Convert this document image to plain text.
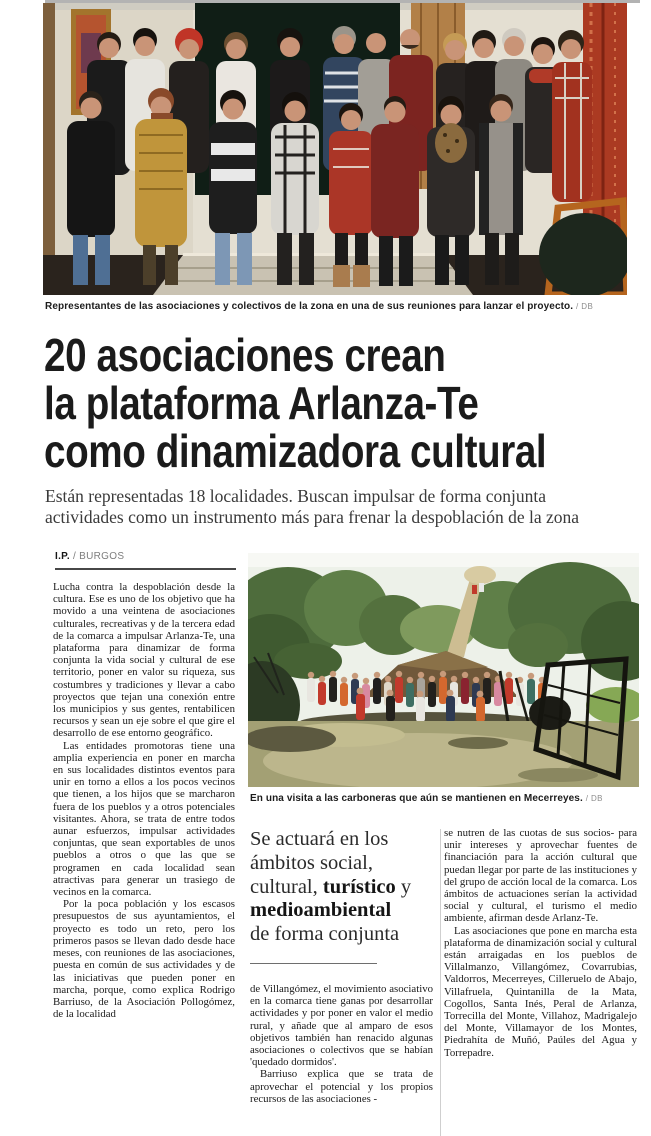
Representantes de las asociaciones y colectivos de la zona en una de sus reuniones para lanzar el proyecto. / DB
20 asociaciones crean
la plataforma Arlanza-Te
como dinamizadora cultural
Están representadas 18 localidades. Buscan impulsar de forma conjunta
actividades como un instrumento más para frenar la despoblación de la zona
I.P. / BURGOS

Lucha contra la despoblación desde la cultura. Ese es uno de los objetivo que ha movido a una veintena de asociaciones culturales, recreativas y de la tercera edad de la comarca a impulsar Arlanza-Te, una plataforma para dinamizar de forma conjunta la vida social y cultural de ese territorio, poner en valor su riqueza, sus costumbres y tradiciones y llevar a cabo proyectos que tejan una conexión entre los municipios y sus gentes, rentabilicen recursos y sean un eje sobre el que gire el desarrollo de ese entorno geográfico.

Las entidades promotoras tiene una amplia experiencia en poner en marcha en sus localidades distintos eventos para unir en torno a ellos a los pocos vecinos que tienen, a los hijos que se marcharon fuera de los pueblos y a otros potenciales visitantes. Ahora, se trata de entre todos aunar esfuerzos, impulsar actividades conjuntas, que sean exportables de unos pueblos a otros o que las que se programen en cada localidad sean atractivas para generar un trasiego de vecinos en la comarca.

Por la poca población y los escasos presupuestos de sus ayuntamientos, el proyecto es todo un reto, pero los primeros pasos se llevan dado desde hace meses, con reuniones de las asociaciones, puesta en común de sus actividades y de las iniciativas que pueden poner en marcha, porque, como explica Rodrigo Barriuso, de la Asociación Pollogómez, de la localidad

En una visita a las carboneras que aún se mantienen en Mecerreyes. / DB
Se actuará en los
ámbitos social,
cultural, turístico y
medioambiental
de forma conjunta

de Villangómez, el movimiento asociativo en la comarca tiene ganas por desarrollar actividades y por poner en valor el medio rural, y añade que al amparo de esos objetivos también han renacido algunas asociaciones o colectivos que se habían 'quedado dormidos'.

Barriuso explica que se trata de aprovechar el potencial y los propios recursos de las asociaciones -

se nutren de las cuotas de sus socios- para unir intereses y aprovechar fuentes de financiación para la acción cultural que puedan llegar por parte de las instituciones y del grupo de acción local de la comarca. Los ámbitos de actuaciones serían la actividad social y cultural, el turismo el medio ambiente, afirman desde Arlanz-Te.

Las asociaciones que pone en marcha esta plataforma de dinamización social y cultural están arraigadas en los pueblos de Villalmanzo, Villangómez, Covarrubias, Valdorros, Mecerreyes, Cilleruelo de Abajo, Villafruela, Quintanilla de la Mata, Cogollos, Santa Inés, Peral de Arlanza, Torrecilla del Monte, Villahoz, Madrigalejo del Monte, Villamayor de los Montes, Piedrahíta de Muñó, Paúles del Agua y Torrepadre.
